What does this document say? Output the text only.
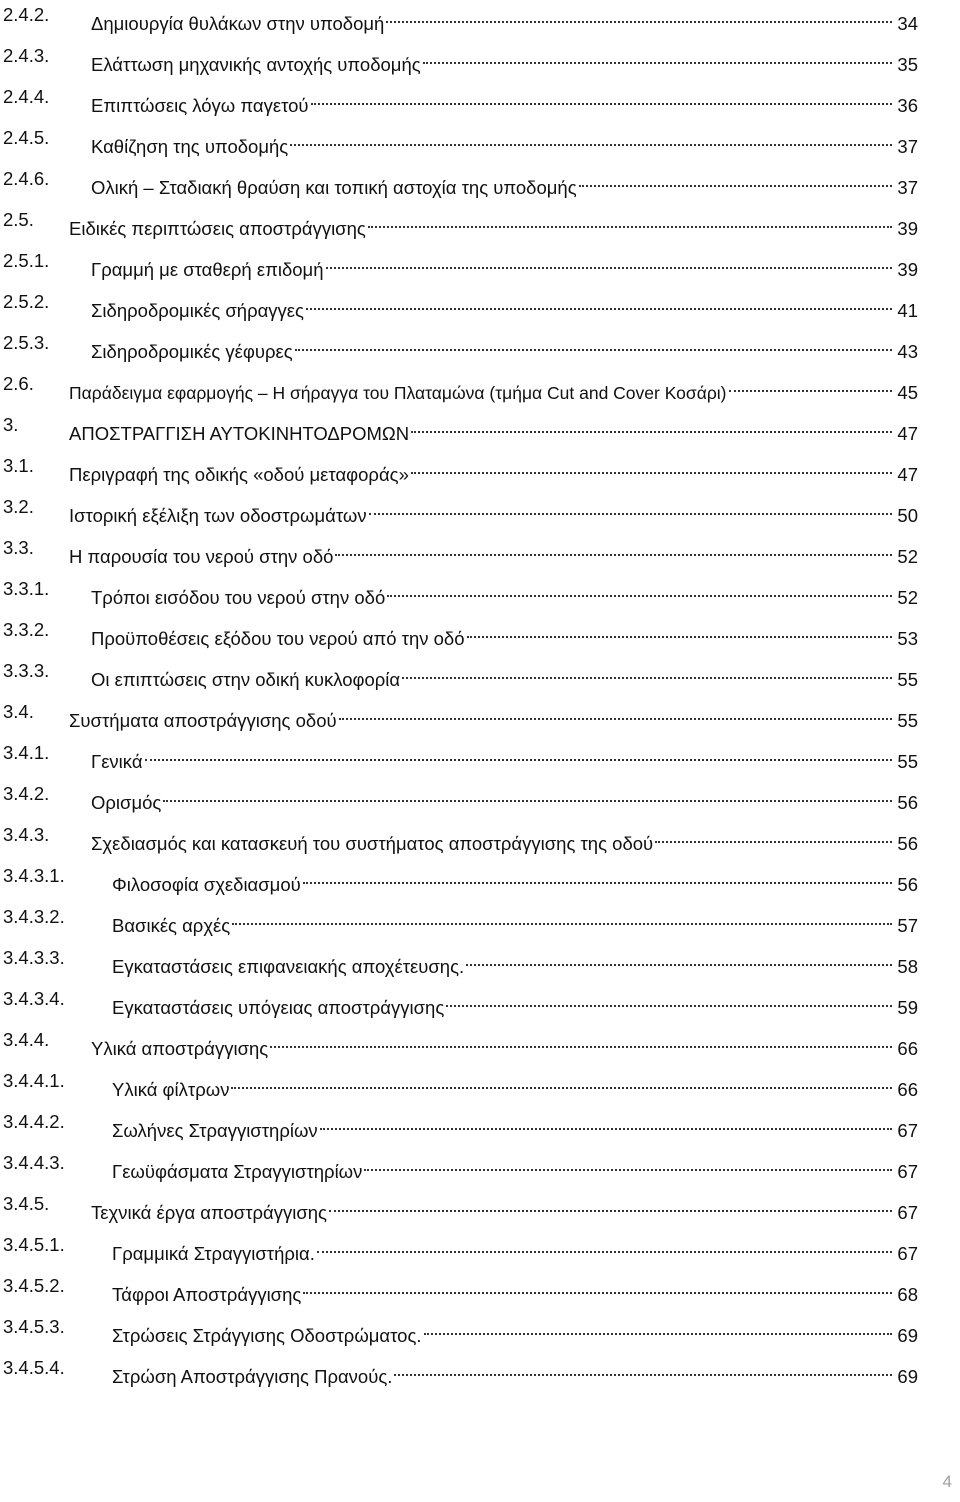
2.4.2. Δημιουργία θυλάκων στην υποδομή	34
2.4.3. Ελάττωση μηχανικής αντοχής υποδομής	35
2.4.4. Επιπτώσεις λόγω παγετού	36
2.4.5. Καθίζηση της υποδομής	37
2.4.6. Ολική – Σταδιακή θραύση και τοπική αστοχία της υποδομής	37
2.5. Ειδικές περιπτώσεις αποστράγγισης	39
2.5.1. Γραμμή με σταθερή επιδομή	39
2.5.2. Σιδηροδρομικές σήραγγες	41
2.5.3. Σιδηροδρομικές γέφυρες	43
2.6. Παράδειγμα εφαρμογής – Η σήραγγα του Πλαταμώνα (τμήμα Cut and Cover Κοσάρι)	45
3.	ΑΠΟΣΤΡΑΓΓΙΣΗ ΑΥΤΟΚΙΝΗΤΟΔΡΟΜΩΝ	47
3.1. Περιγραφή της οδικής «οδού μεταφοράς»	47
3.2. Ιστορική εξέλιξη των οδοστρωμάτων	50
3.3. Η παρουσία του νερού στην οδό	52
3.3.1. Τρόποι εισόδου του νερού στην οδό	52
3.3.2. Προϋποθέσεις εξόδου του νερού από την οδό	53
3.3.3. Οι επιπτώσεις στην οδική κυκλοφορία	55
3.4. Συστήματα αποστράγγισης οδού	55
3.4.1. Γενικά	55
3.4.2. Ορισμός	56
3.4.3. Σχεδιασμός και κατασκευή του συστήματος αποστράγγισης της οδού	56
3.4.3.1.	Φιλοσοφία σχεδιασμού	56
3.4.3.2.	Βασικές αρχές	57
3.4.3.3.	Εγκαταστάσεις επιφανειακής αποχέτευσης.	58
3.4.3.4.	Εγκαταστάσεις υπόγειας αποστράγγισης	59
3.4.4. Υλικά αποστράγγισης	66
3.4.4.1.	Υλικά φίλτρων	66
3.4.4.2.	Σωλήνες Στραγγιστηρίων	67
3.4.4.3.	Γεωϋφάσματα Στραγγιστηρίων	67
3.4.5. Τεχνικά έργα αποστράγγισης	67
3.4.5.1.	Γραμμικά Στραγγιστήρια.	67
3.4.5.2.	Τάφροι Αποστράγγισης	68
3.4.5.3.	Στρώσεις Στράγγισης Οδοστρώματος.	69
3.4.5.4.	Στρώση Αποστράγγισης Πρανούς.	69
4
